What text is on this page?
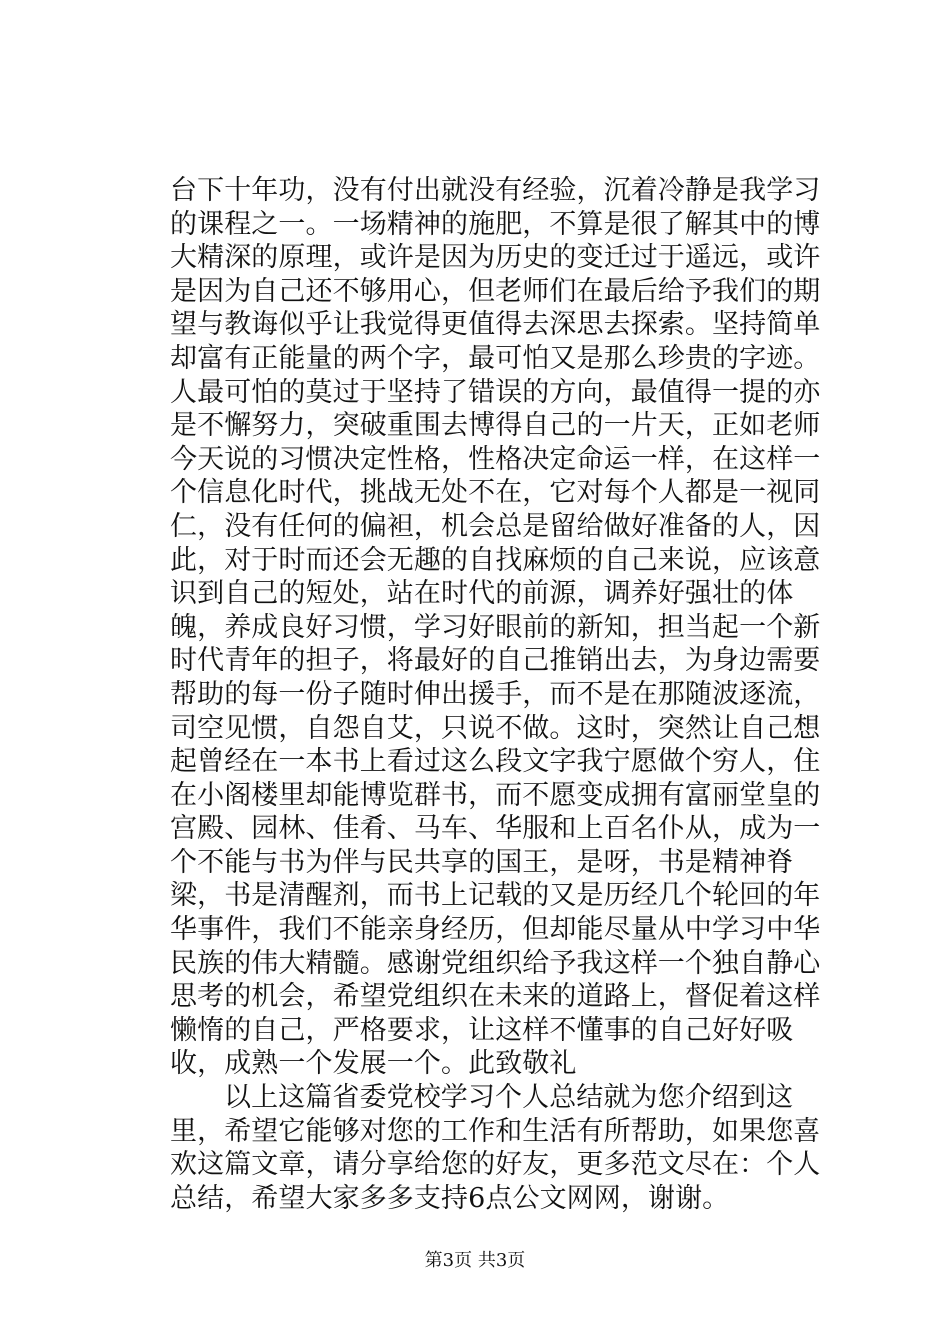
台下十年功，没有付出就没有经验，沉着冷静是我学习的课程之一。一场精神的施肥，不算是很了解其中的博大精深的原理，或许是因为历史的变迁过于遥远，或许是因为自己还不够用心，但老师们在最后给予我们的期望与教诲似乎让我觉得更值得去深思去探索。坚持简单却富有正能量的两个字，最可怕又是那么珍贵的字迹。人最可怕的莫过于坚持了错误的方向，最值得一提的亦是不懈努力，突破重围去博得自己的一片天，正如老师今天说的习惯决定性格，性格决定命运一样，在这样一个信息化时代，挑战无处不在，它对每个人都是一视同仁，没有任何的偏袒，机会总是留给做好准备的人，因此，对于时而还会无趣的自找麻烦的自己来说，应该意识到自己的短处，站在时代的前源，调养好强壮的体魄，养成良好习惯，学习好眼前的新知，担当起一个新时代青年的担子，将最好的自己推销出去，为身边需要帮助的每一份子随时伸出援手，而不是在那随波逐流，司空见惯，自怨自艾，只说不做。这时，突然让自己想起曾经在一本书上看过这么段文字我宁愿做个穷人，住在小阁楼里却能博览群书，而不愿变成拥有富丽堂皇的宫殿、园林、佳肴、马车、华服和上百名仆从，成为一个不能与书为伴与民共享的国王，是呀，书是精神脊梁，书是清醒剂，而书上记载的又是历经几个轮回的年华事件，我们不能亲身经历，但却能尽量从中学习中华民族的伟大精髓。感谢党组织给予我这样一个独自静心思考的机会，希望党组织在未来的道路上，督促着这样懒惰的自己，严格要求，让这样不懂事的自己好好吸收，成熟一个发展一个。此致敬礼

以上这篇省委党校学习个人总结就为您介绍到这里，希望它能够对您的工作和生活有所帮助，如果您喜欢这篇文章，请分享给您的好友，更多范文尽在：个人总结，希望大家多多支持6点公文网网，谢谢。

第3页 共3页
